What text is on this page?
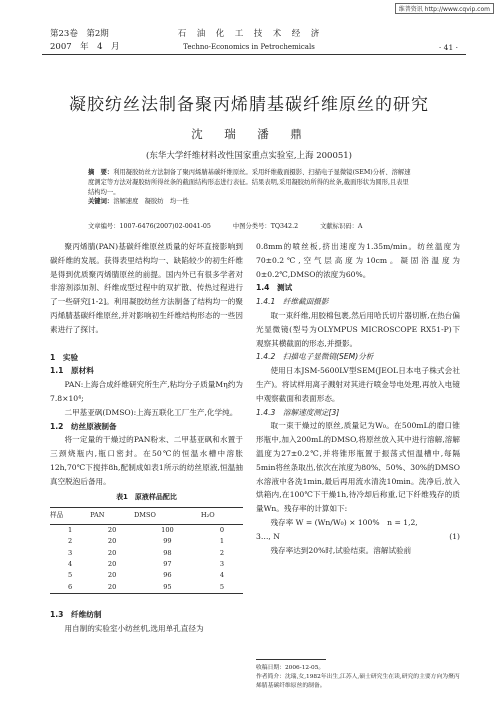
维普资讯 http://www.cqvip.com
第23卷　第2期
2007　年　4　月
石　油　化　工　技　术　经　济
Techno-Economics in Petrochemicals	· 41 ·
凝胶纺丝法制备聚丙烯腈基碳纤维原丝的研究
沈　瑞　潘　鼎
(东华大学纤维材料改性国家重点实验室,上海 200051)
摘　要：利用凝胶纺丝方法制备了聚丙烯腈基碳纤维原丝。采用纤维截面摄影、扫描电子显微镜(SEM)分析、溶解速度测定等方法对凝胶纺所得丝条的截面结构形态进行表征。结果表明,采用凝胶纺所得的丝条,截面形状为圆形,且表里结构均一。
关键词：溶解速度　凝胶纺　均一性
文章编号：1007-6476(2007)02-0041-05	中图分类号：TQ342.2	文献标识码：A

聚丙烯腈(PAN)基碳纤维原丝质量的好坏直接影响到碳纤维的发展。获得表里结构均一、缺陷较少的初生纤维是得到优质聚丙烯腈原丝的前提。国内外已有很多学者对非溶剂添加剂、纤维成型过程中的双扩散、传热过程进行了一些研究[1-2]。利用凝胶纺丝方法制备了结构均一的聚丙烯腈基碳纤维原丝,并对影响初生纤维结构形态的一些因素进行了探讨。

1　实验

1.1　原材料

PAN:上海合成纤维研究所生产,粘均分子质量Mη约为7.8×10⁴;

二甲基亚砜(DMSO):上海五联化工厂生产,化学纯。

1.2　纺丝原液制备

将一定量的干燥过的PAN粉末、二甲基亚砜和水置于三颈烧瓶内,瓶口密封。在50℃的恒温水槽中溶胀12h,70℃下搅拌8h,配制成如表1所示的纺丝原液,恒温抽真空脱泡后备用。

表1　原液样品配比
样品	PAN	DMSO	H₂O
1	20	100	0
2	20	99	1
3	20	98	2
4	20	97	3
5	20	96	4
6	20	95	5

1.3　纤维纺制

用自制的实验室小纺丝机,选用单孔直径为

0.8mm的喷丝板,挤出速度为1.35m/min。纺丝温度为70±0.2℃,空气层高度为10cm。凝固浴温度为0±0.2℃,DMSO的浓度为60%。

1.4　测试

1.4.1　纤维截面摄影

取一束纤维,用胶棉包裹,然后用哈氏切片器切断,在热台偏光显微镜(型号为OLYMPUS MICROSCOPE RX51-P)下观察其横截面的形态,并摄影。

1.4.2　扫描电子显微镜(SEM)分析

使用日本JSM-5600LV型SEM(JEOL日本电子株式会社生产)。将试样用离子溅射对其进行喷金导电处理,再放入电镜中观察截面和表面形态。

1.4.3　溶解速度测定[3]

取一束干燥过的原丝,质量记为W₀。在500mL的磨口锥形瓶中,加入200mL的DMSO,将原丝放入其中进行溶解,溶解温度为27±0.2℃,并将锥形瓶置于振荡式恒温槽中,每隔5min将丝条取出,依次在浓度为80%、50%、30%的DMSO水溶液中各洗1min,最后再用流水清洗10min。洗净后,放入烘箱内,在100℃下干燥1h,待冷却后称重,记下纤维残存的质量Wn。残存率的计算如下:

残存率 W = (Wn/W₀) × 100%　n = 1,2,

3…, N	(1)

残存率达到20%时,试验结束。溶解试验前

收稿日期：2006-12-05。
作者简介：沈瑞,女,1982年出生,江苏人,硕士研究生在读,研究的主要方向为聚丙烯腈基碳纤维原丝的制备。
